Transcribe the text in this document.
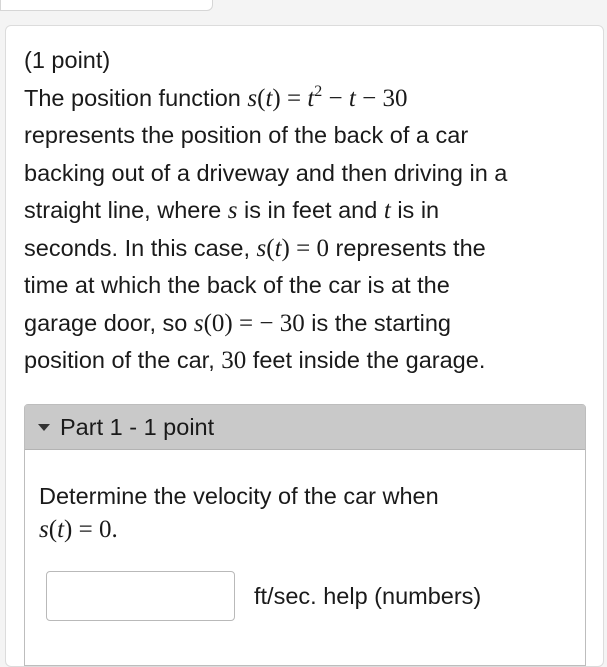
(1 point)
The position function $s(t) = t^2 - t - 30$
represents the position of the back of a car
backing out of a driveway and then driving in a
straight line, where s is in feet and t is in
seconds. In this case, s(t) = 0 represents the
time at which the back of the car is at the
garage door, so s(0) = − 30 is the starting
position of the car, 30 feet inside the garage.
Part 1 - 1 point
Determine the velocity of the car when
s(t) = 0.
ft/sec. help (numbers)
